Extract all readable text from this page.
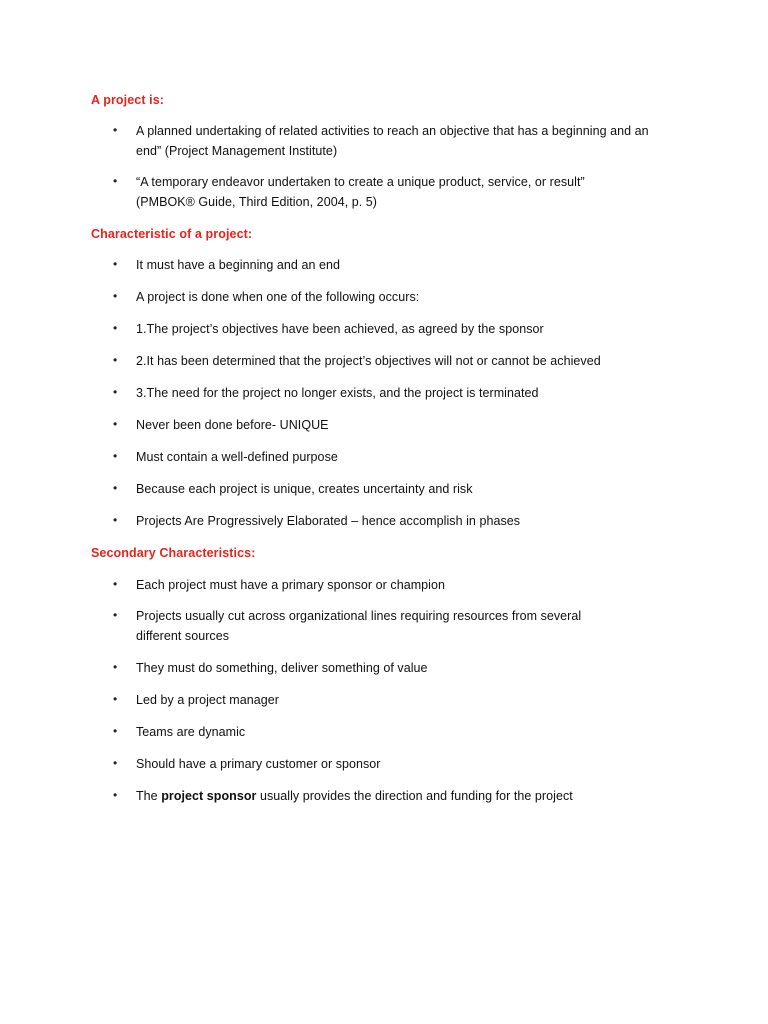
A project is:
• A planned undertaking of related activities to reach an objective that has a beginning and an end” (Project Management Institute)
• “A temporary endeavor undertaken to create a unique product, service, or result” (PMBOK® Guide, Third Edition, 2004, p. 5)
Characteristic of a project:
• It must have a beginning and an end
• A project is done when one of the following occurs:
• 1.The project’s objectives have been achieved, as agreed by the sponsor
• 2.It has been determined that the project’s objectives will not or cannot be achieved
• 3.The need for the project no longer exists, and the project is terminated
• Never been done before- UNIQUE
• Must contain a well-defined purpose
• Because each project is unique, creates uncertainty and risk
• Projects Are Progressively Elaborated – hence accomplish in phases
Secondary Characteristics:
• Each project must have a primary sponsor or champion
• Projects usually cut across organizational lines requiring resources from several different sources
• They must do something, deliver something of value
• Led by a project manager
• Teams are dynamic
• Should have a primary customer or sponsor
• The project sponsor usually provides the direction and funding for the project
